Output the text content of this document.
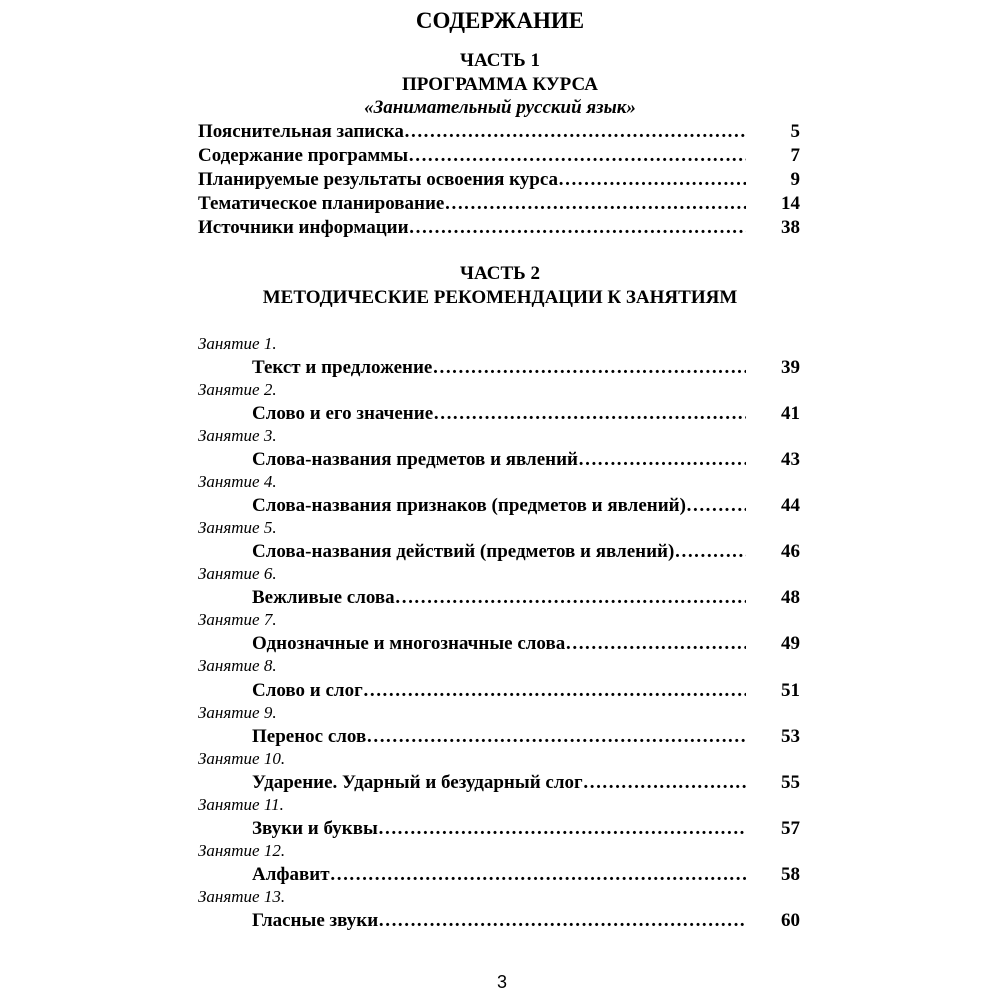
СОДЕРЖАНИЕ
ЧАСТЬ 1
ПРОГРАММА КУРСА
«Занимательный русский язык»
Пояснительная записка ……………………………………………………………………………………………………………………………………	5
Содержание программы ……………………………………………………………………………………………………………………………………	7
Планируемые результаты освоения курса ……………………………………………………………………………………………………………………………………	9
Тематическое планирование ……………………………………………………………………………………………………………………………………	14
Источники информации ……………………………………………………………………………………………………………………………………	38
ЧАСТЬ 2
МЕТОДИЧЕСКИЕ РЕКОМЕНДАЦИИ К ЗАНЯТИЯМ
Занятие 1.
Текст и предложение ……………………………………………………………………………………………………………………………………	39
Занятие 2.
Слово и его значение ……………………………………………………………………………………………………………………………………	41
Занятие 3.
Слова-названия предметов и явлений ……………………………………………………………………………………………………………………………………	43
Занятие 4.
Слова-названия признаков (предметов и явлений) ……………………………………………………………………………………………………………………………………	44
Занятие 5.
Слова-названия действий (предметов и явлений) ……………………………………………………………………………………………………………………………………	46
Занятие 6.
Вежливые слова ……………………………………………………………………………………………………………………………………	48
Занятие 7.
Однозначные и многозначные слова ……………………………………………………………………………………………………………………………………	49
Занятие 8.
Слово и слог ……………………………………………………………………………………………………………………………………	51
Занятие 9.
Перенос слов ……………………………………………………………………………………………………………………………………	53
Занятие 10.
Ударение. Ударный и безударный слог ……………………………………………………………………………………………………………………………………	55
Занятие 11.
Звуки и буквы ……………………………………………………………………………………………………………………………………	57
Занятие 12.
Алфавит ……………………………………………………………………………………………………………………………………	58
Занятие 13.
Гласные звуки ……………………………………………………………………………………………………………………………………	60
3
